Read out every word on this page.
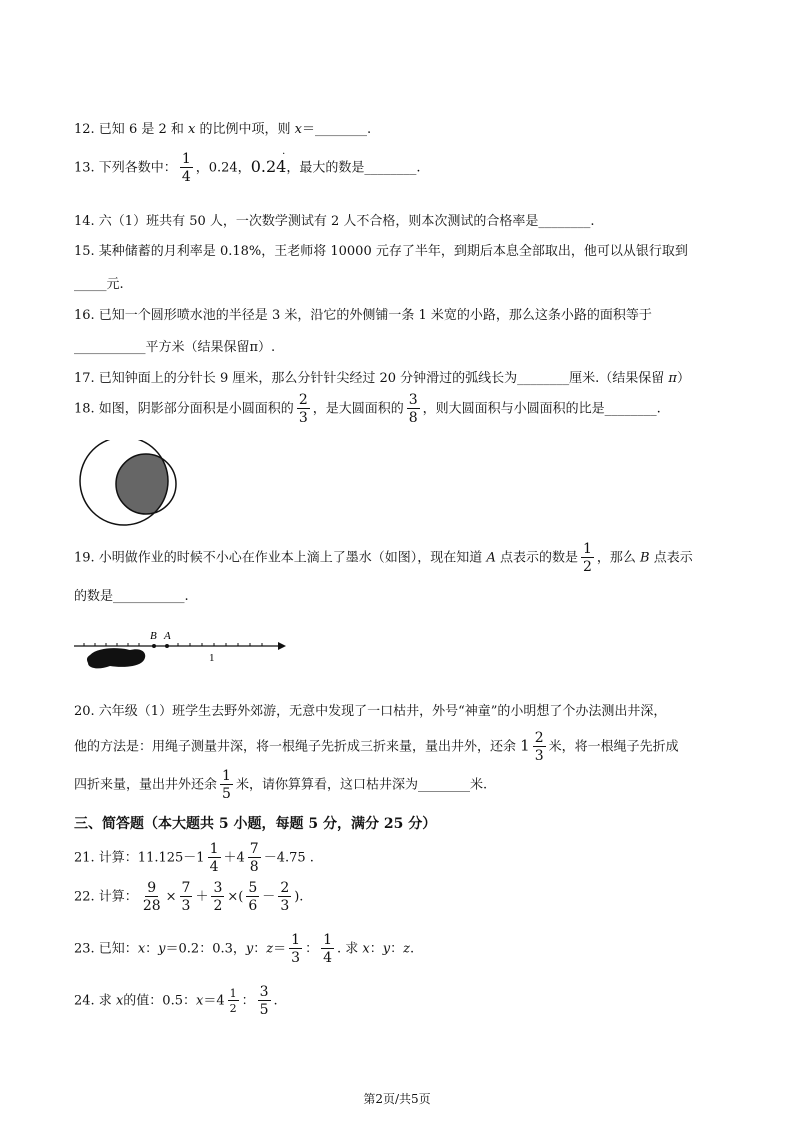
12. 已知 6 是 2 和 x 的比例中项，则 x＝________.
13. 下列各数中： $\frac{1}{4}$ ，0.24，0.24
·
，最大的数是________.
14. 六（1）班共有 50 人，一次数学测试有 2 人不合格，则本次测试的合格率是________.
15. 某种储蓄的月利率是 0.18%，王老师将 10000 元存了半年，到期后本息全部取出，他可以从银行取到
_____元.
16. 已知一个圆形喷水池的半径是 3 米，沿它的外侧铺一条 1 米宽的小路，那么这条小路的面积等于
___________平方米（结果保留π）.
17. 已知钟面上的分针长 9 厘米，那么分针针尖经过 20 分钟滑过的弧线长为________厘米.（结果保留 π）
18. 如图，阴影部分面积是小圆面积的 $\frac{2}{3}$ ，是大圆面积的 $\frac{3}{8}$ ，则大圆面积与小圆面积的比是________.
19. 小明做作业的时候不小心在作业本上滴上了墨水（如图），现在知道 A 点表示的数是 $\frac{1}{2}$ ，那么 B 点表示
的数是___________.
B A
1
20. 六年级（1）班学生去野外郊游，无意中发现了一口枯井，外号“神童”的小明想了个办法测出井深，
他的方法是：用绳子测量井深，将一根绳子先折成三折来量，量出井外，还余 $1 \frac{2}{3}$ 米，将一根绳子先折成
四折来量，量出井外还余 $\frac{1}{5}$ 米，请你算算看，这口枯井深为________米.
三、简答题（本大题共 5 小题，每题 5 分，满分 25 分）
21. 计算：$11.125-1 \frac{1}{4} +4 \frac{7}{8} -4.75$ .
22. 计算： $\frac{9}{28} \times \frac{7}{3} + \frac{3}{2}$ ×( $\frac{5}{6} - \frac{2}{3}$ ).
23. 已知：x：y＝0.2：0.3，y：$z= \frac{1}{3}$ ： $\frac{1}{4}$ . 求 x：y：z.
24. 求 x的值：0.5：$x=4 \frac{1}{2}$ ： $\frac{3}{5}$ .
第2页/共5页
